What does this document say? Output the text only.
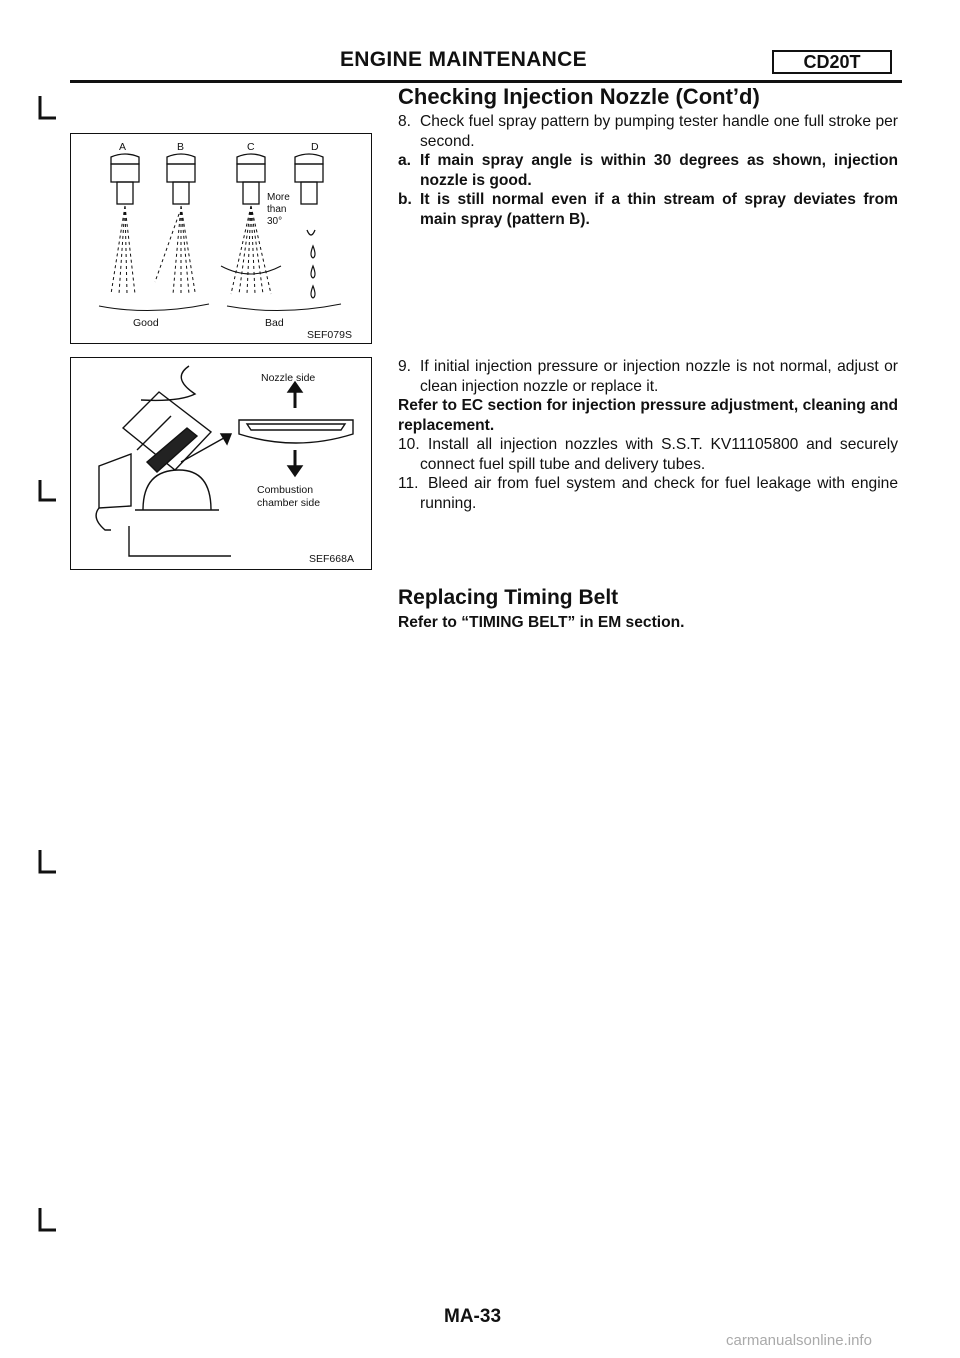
ENGINE MAINTENANCE	CD20T
A	B	C	D
More
than
30°
Good	Bad
SEF079S
Nozzle side
Combustion
chamber side
SEF668A
Checking Injection Nozzle (Cont’d)
8. Check fuel spray pattern by pumping tester handle one full stroke per second.
a. If main spray angle is within 30 degrees as shown, injection nozzle is good.
b. It is still normal even if a thin stream of spray deviates from main spray (pattern B).
9. If initial injection pressure or injection nozzle is not normal, adjust or clean injection nozzle or replace it.

Refer to EC section for injection pressure adjustment, cleaning and replacement.

10. Install all injection nozzles with S.S.T. KV11105800 and securely connect fuel spill tube and delivery tubes.
11. Bleed air from fuel system and check for fuel leakage with engine running.
Replacing Timing Belt
Refer to “TIMING BELT” in EM section.
MA-33
carmanualsonline.info
